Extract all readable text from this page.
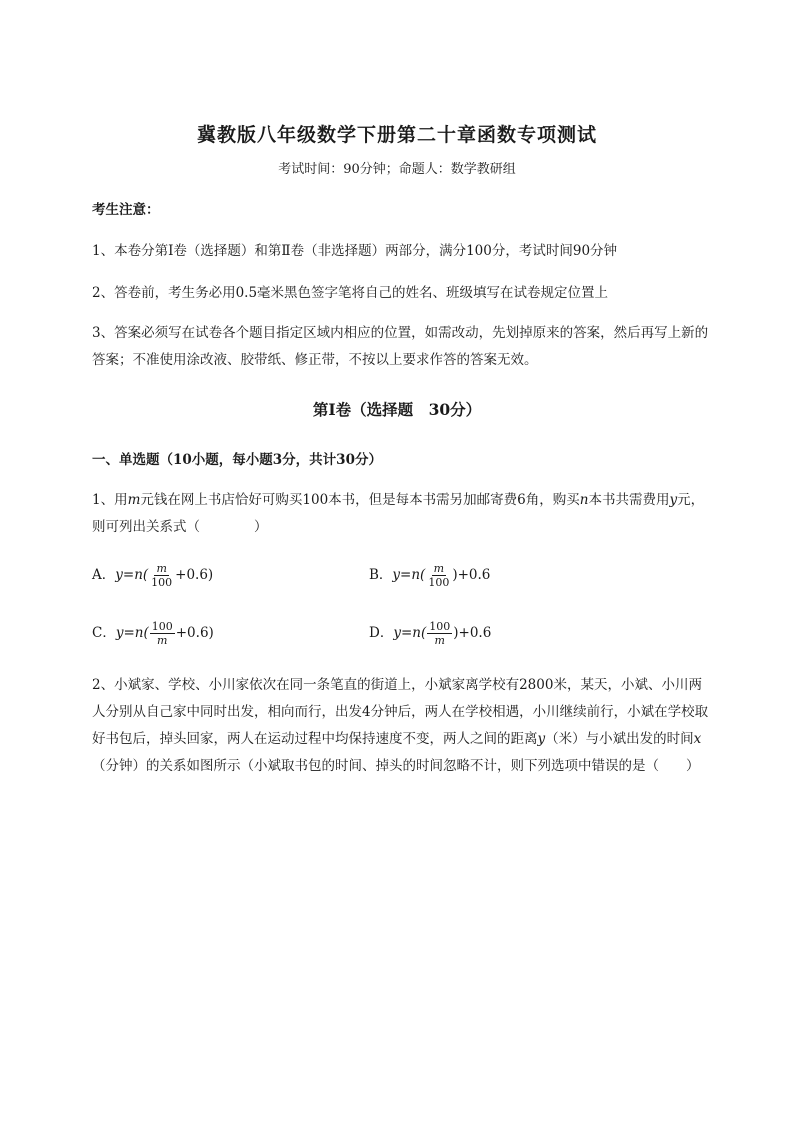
冀教版八年级数学下册第二十章函数专项测试
考试时间：90分钟；命题人：数学教研组
考生注意：
1、本卷分第I卷（选择题）和第Ⅱ卷（非选择题）两部分，满分100分，考试时间90分钟
2、答卷前，考生务必用0.5毫米黑色签字笔将自己的姓名、班级填写在试卷规定位置上
3、答案必须写在试卷各个题目指定区域内相应的位置，如需改动，先划掉原来的答案，然后再写上新的答案；不准使用涂改液、胶带纸、修正带，不按以上要求作答的答案无效。
第I卷（选择题　30分）
一、单选题（10小题，每小题3分，共计30分）
1、用m元钱在网上书店恰好可购买100本书，但是每本书需另加邮寄费6角，购买n本书共需费用y元，则可列出关系式（　　　　）
A．$y=n( \frac{m}{100} +0.6)$	B．$y=n( \frac{m}{100} )+0.6$
C．$y=n( \frac{100}{m} +0.6)$	D．$y=n( \frac{100}{m} )+0.6$
2、小斌家、学校、小川家依次在同一条笔直的街道上，小斌家离学校有2800米，某天，小斌、小川两人分别从自己家中同时出发，相向而行，出发4分钟后，两人在学校相遇，小川继续前行，小斌在学校取好书包后，掉头回家，两人在运动过程中均保持速度不变，两人之间的距离y（米）与小斌出发的时间x（分钟）的关系如图所示（小斌取书包的时间、掉头的时间忽略不计，则下列选项中错误的是（　　）
